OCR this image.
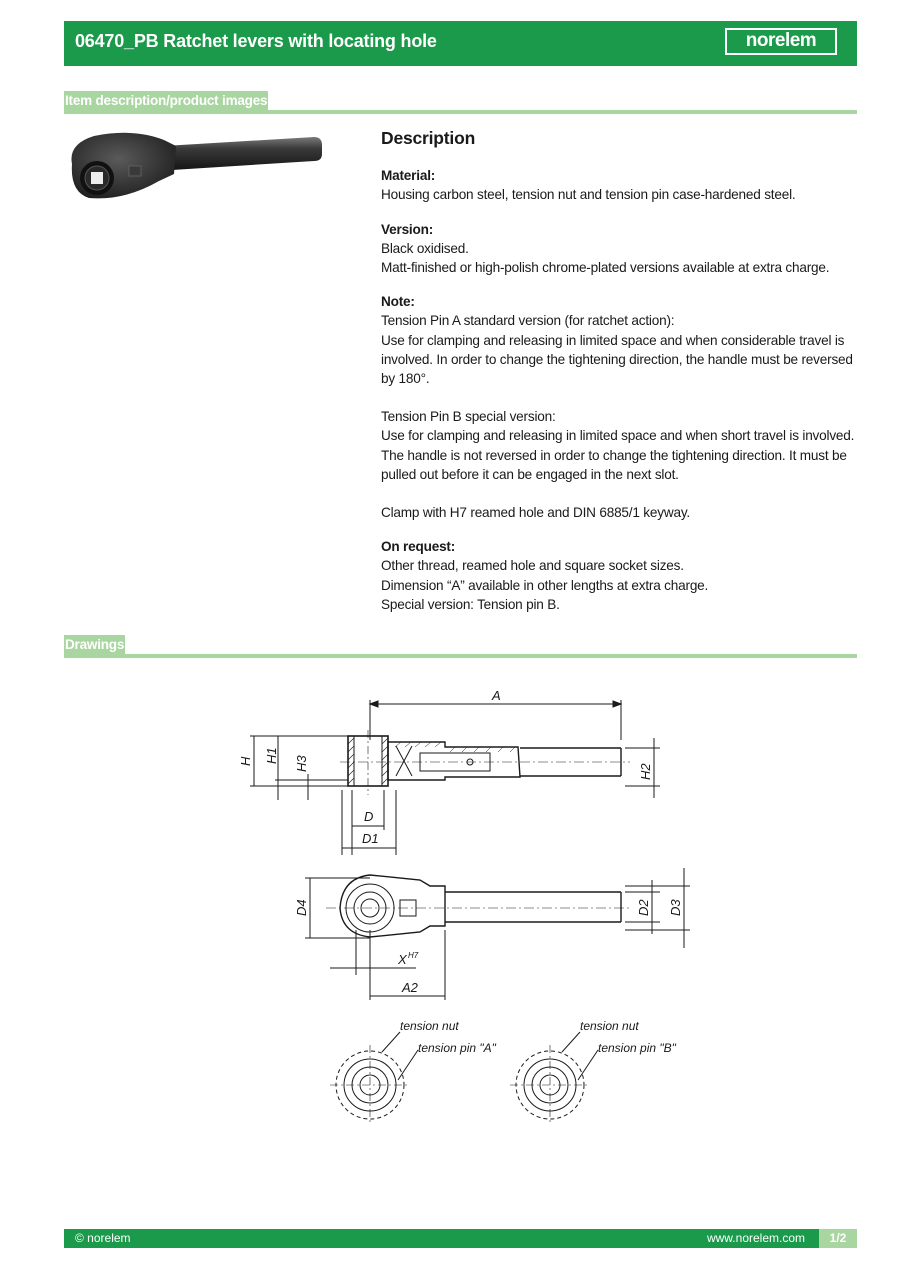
06470_PB Ratchet levers with locating hole	norelem
Item description/product images
Description

Material:

Housing carbon steel, tension nut and tension pin case-hardened steel.

Version:

Black oxidised.

Matt-finished or high-polish chrome-plated versions available at extra charge.

Note:

Tension Pin A standard version (for ratchet action):

Use for clamping and releasing in limited space and when considerable travel is involved. In order to change the tightening direction, the handle must be reversed by 180°.

Tension Pin B special version:

Use for clamping and releasing in limited space and when short travel is involved. The handle is not reversed in order to change the tightening direction. It must be pulled out before it can be engaged in the next slot.

Clamp with H7 reamed hole and DIN 6885/1 keyway.

On request:

Other thread, reamed hole and square socket sizes.

Dimension “A” available in other lengths at extra charge.

Special version: Tension pin B.

Drawings
A
H H1 H3	H2
D
D1
D4	D2 D3
X H7
A2
tension nut
tension pin "A"
tension nut
tension pin "B"
© norelem	www.norelem.com	1/2
